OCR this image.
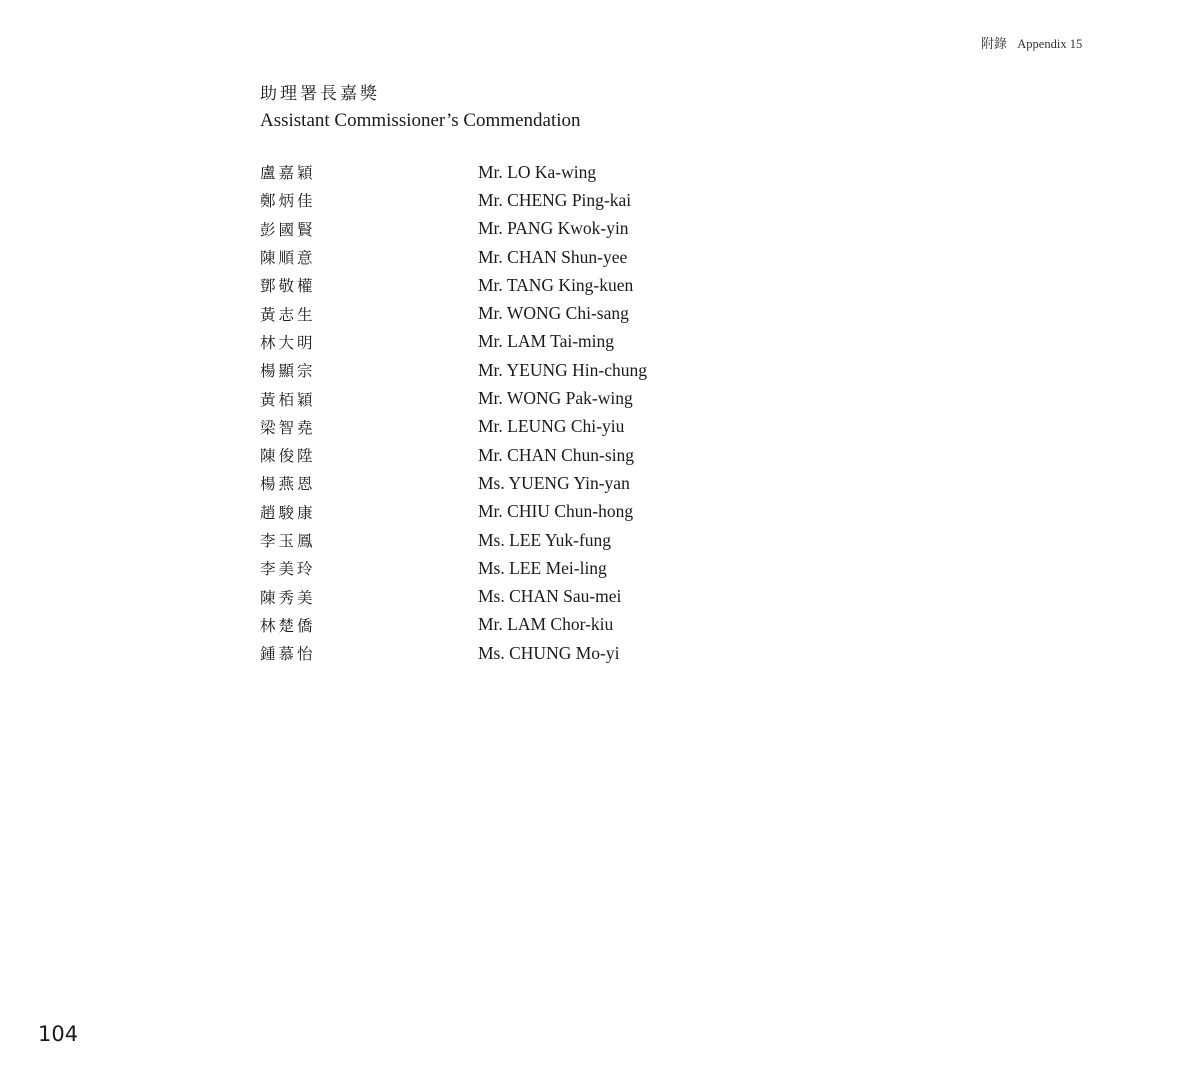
附錄 Appendix 15
助理署長嘉獎
Assistant Commissioner’s Commendation
盧嘉穎	Mr. LO Ka-wing
鄭炳佳	Mr. CHENG Ping-kai
彭國賢	Mr. PANG Kwok-yin
陳順意	Mr. CHAN Shun-yee
鄧敬權	Mr. TANG King-kuen
黃志生	Mr. WONG Chi-sang
林大明	Mr. LAM Tai-ming
楊顯宗	Mr. YEUNG Hin-chung
黃栢穎	Mr. WONG Pak-wing
梁智堯	Mr. LEUNG Chi-yiu
陳俊陞	Mr. CHAN Chun-sing
楊燕恩	Ms. YUENG Yin-yan
趙駿康	Mr. CHIU Chun-hong
李玉鳳	Ms. LEE Yuk-fung
李美玲	Ms. LEE Mei-ling
陳秀美	Ms. CHAN Sau-mei
林楚僑	Mr. LAM Chor-kiu
鍾慕怡	Ms. CHUNG Mo-yi
104
